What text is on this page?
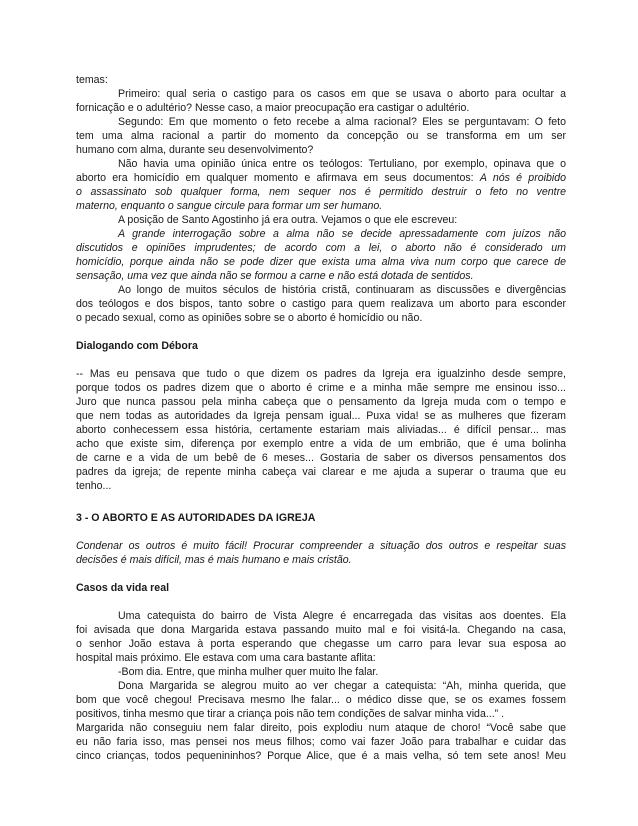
temas:
Primeiro: qual seria o castigo para os casos em que se usava o aborto para ocultar a
fornicação e o adultério? Nesse caso, a maior preocupação era castigar o adultério.
Segundo: Em que momento o feto recebe a alma racional? Eles se perguntavam: O feto
tem uma alma racional a partir do momento da concepção ou se transforma em um ser
humano com alma, durante seu desenvolvimento?
Não havia uma opinião única entre os teólogos: Tertuliano, por exemplo, opinava que o
aborto era homicídio em qualquer momento e afirmava em seus documentos: A nós é proibido
o assassinato sob qualquer forma, nem sequer nos é permitido destruir o feto no ventre
materno, enquanto o sangue circule para formar um ser humano.
A posição de Santo Agostinho já era outra. Vejamos o que ele escreveu:
A grande interrogação sobre a alma não se decide apressadamente com juízos não
discutidos e opiniões imprudentes; de acordo com a lei, o aborto não é considerado um
homicídio, porque ainda não se pode dizer que exista uma alma viva num corpo que carece de
sensação, uma vez que ainda não se formou a carne e não está dotada de sentidos.
Ao longo de muitos séculos de história cristã, continuaram as discussões e divergências
dos teólogos e dos bispos, tanto sobre o castigo para quem realizava um aborto para esconder
o pecado sexual, como as opiniões sobre se o aborto é homicídio ou não.
Dialogando com Débora
-- Mas eu pensava que tudo o que dizem os padres da Igreja era igualzinho desde sempre,
porque todos os padres dizem que o aborto é crime e a minha mãe sempre me ensinou isso...
Juro que nunca passou pela minha cabeça que o pensamento da Igreja muda com o tempo e
que nem todas as autoridades da Igreja pensam igual... Puxa vida! se as mulheres que fizeram
aborto conhecessem essa história, certamente estariam mais aliviadas... é difícil pensar... mas
acho que existe sim, diferença por exemplo entre a vida de um embrião, que é uma bolinha
de carne e a vida de um bebê de 6 meses... Gostaria de saber os diversos pensamentos dos
padres da igreja; de repente minha cabeça vai clarear e me ajuda a superar o trauma que eu
tenho...
3 - O ABORTO E AS AUTORIDADES DA IGREJA
Condenar os outros é muito fácil! Procurar compreender a situação dos outros e respeitar suas
decisões é mais difícil, mas é mais humano e mais cristão.
Casos da vida real
Uma catequista do bairro de Vista Alegre é encarregada das visitas aos doentes. Ela
foi avisada que dona Margarida estava passando muito mal e foi visitá-la. Chegando na casa,
o senhor João estava à porta esperando que chegasse um carro para levar sua esposa ao
hospital mais próximo. Ele estava com uma cara bastante aflita:
-Bom dia. Entre, que minha mulher quer muito lhe falar.
Dona Margarida se alegrou muito ao ver chegar a catequista: “Ah, minha querida, que
bom que você chegou! Precisava mesmo lhe falar... o médico disse que, se os exames fossem
positivos, tinha mesmo que tirar a criança pois não tem condições de salvar minha vida...” .
Margarida não conseguiu nem falar direito, pois explodiu num ataque de choro! “Você sabe que
eu não faria isso, mas pensei nos meus filhos; como vai fazer João para trabalhar e cuidar das
cinco crianças, todos pequenininhos? Porque Alice, que é a mais velha, só tem sete anos! Meu
